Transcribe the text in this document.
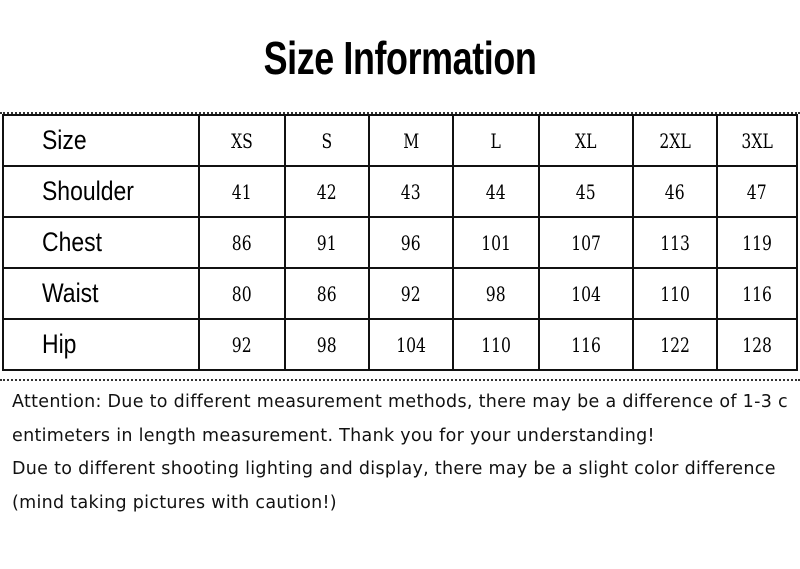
Size Information
Size	XS	S	M	L	XL	2XL	3XL
Shoulder	41	42	43	44	45	46	47
Chest	86	91	96	101	107	113	119
Waist	80	86	92	98	104	110	116
Hip	92	98	104	110	116	122	128

Attention: Due to different measurement methods, there may be a difference of 1-3 centimeters in length measurement. Thank you for your understanding!

Due to different shooting lighting and display, there may be a slight color difference (mind taking pictures with caution!)
